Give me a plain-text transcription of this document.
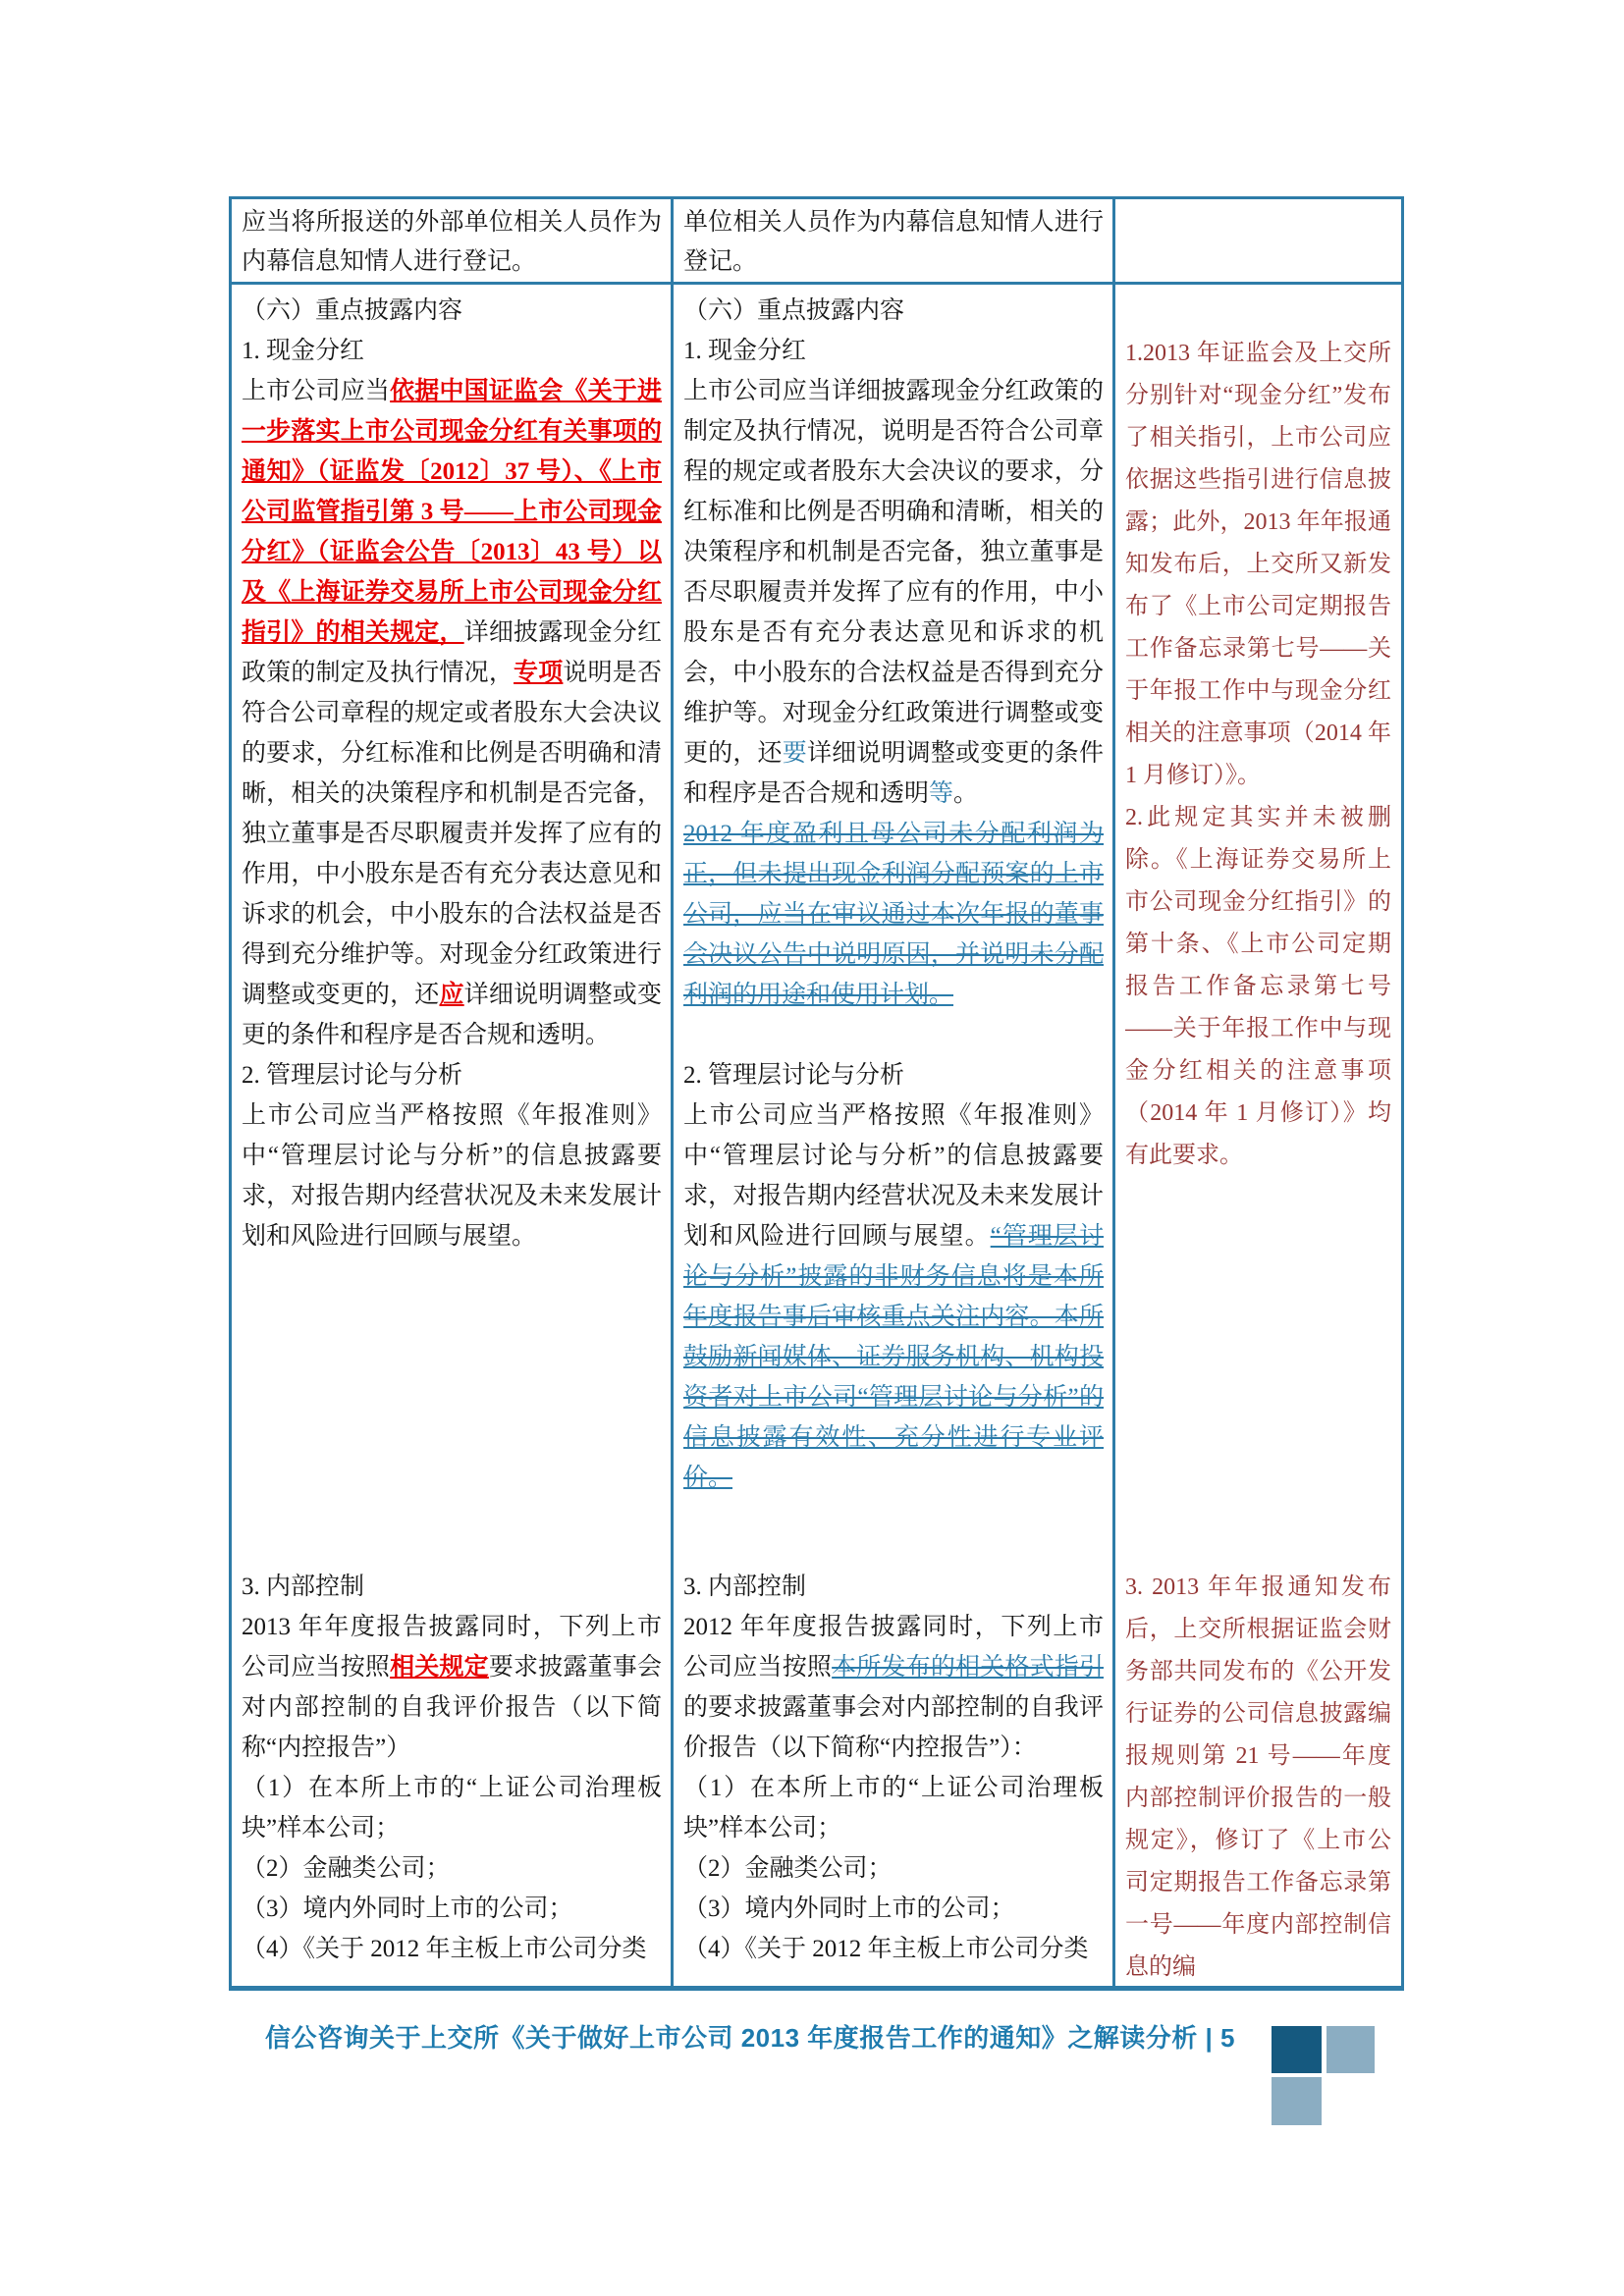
应当将所报送的外部单位相关人员作为内幕信息知情人进行登记。
单位相关人员作为内幕信息知情人进行登记。
（六）重点披露内容
1. 现金分红
上市公司应当依据中国证监会《关于进一步落实上市公司现金分红有关事项的通知》（证监发〔2012〕37 号）、《上市公司监管指引第 3 号——上市公司现金分红》（证监会公告〔2013〕43 号）以及《上海证券交易所上市公司现金分红指引》的相关规定，详细披露现金分红政策的制定及执行情况，专项说明是否符合公司章程的规定或者股东大会决议的要求，分红标准和比例是否明确和清晰，相关的决策程序和机制是否完备，独立董事是否尽职履责并发挥了应有的作用，中小股东是否有充分表达意见和诉求的机会，中小股东的合法权益是否得到充分维护等。对现金分红政策进行调整或变更的，还应详细说明调整或变更的条件和程序是否合规和透明。
2. 管理层讨论与分析
上市公司应当严格按照《年报准则》中“管理层讨论与分析”的信息披露要求，对报告期内经营状况及未来发展计划和风险进行回顾与展望。
3. 内部控制
2013 年年度报告披露同时，下列上市公司应当按照相关规定要求披露董事会对内部控制的自我评价报告（以下简称“内控报告”）
（1）在本所上市的“上证公司治理板块”样本公司；
（2）金融类公司；
（3）境内外同时上市的公司；
（4）《关于 2012 年主板上市公司分类
（六）重点披露内容
1. 现金分红
上市公司应当详细披露现金分红政策的制定及执行情况，说明是否符合公司章程的规定或者股东大会决议的要求，分红标准和比例是否明确和清晰，相关的决策程序和机制是否完备，独立董事是否尽职履责并发挥了应有的作用，中小股东是否有充分表达意见和诉求的机会，中小股东的合法权益是否得到充分维护等。对现金分红政策进行调整或变更的，还要详细说明调整或变更的条件和程序是否合规和透明等。
2012 年度盈利且母公司未分配利润为正，但未提出现金利润分配预案的上市公司，应当在审议通过本次年报的董事会决议公告中说明原因，并说明未分配利润的用途和使用计划。
2. 管理层讨论与分析
上市公司应当严格按照《年报准则》中“管理层讨论与分析”的信息披露要求，对报告期内经营状况及未来发展计划和风险进行回顾与展望。“管理层讨论与分析”披露的非财务信息将是本所年度报告事后审核重点关注内容。本所鼓励新闻媒体、证券服务机构、机构投资者对上市公司“管理层讨论与分析”的信息披露有效性、充分性进行专业评价。
3. 内部控制
2012 年年度报告披露同时，下列上市公司应当按照本所发布的相关格式指引的要求披露董事会对内部控制的自我评价报告（以下简称“内控报告”）：
（1）在本所上市的“上证公司治理板块”样本公司；
（2）金融类公司；
（3）境内外同时上市的公司；
（4）《关于 2012 年主板上市公司分类
1.2013 年证监会及上交所分别针对“现金分红”发布了相关指引，上市公司应依据这些指引进行信息披露；此外，2013 年年报通知发布后，上交所又新发布了《上市公司定期报告工作备忘录第七号——关于年报工作中与现金分红相关的注意事项（2014 年 1 月修订）》。
2.此规定其实并未被删除。《上海证券交易所上市公司现金分红指引》的第十条、《上市公司定期报告工作备忘录第七号——关于年报工作中与现金分红相关的注意事项（2014 年 1 月修订）》均有此要求。
3. 2013 年年报通知发布后，上交所根据证监会财务部共同发布的《公开发行证券的公司信息披露编报规则第 21 号——年度内部控制评价报告的一般规定》，修订了《上市公司定期报告工作备忘录第一号——年度内部控制信息的编
信公咨询关于上交所《关于做好上市公司 2013 年度报告工作的通知》之解读分析 | 5
